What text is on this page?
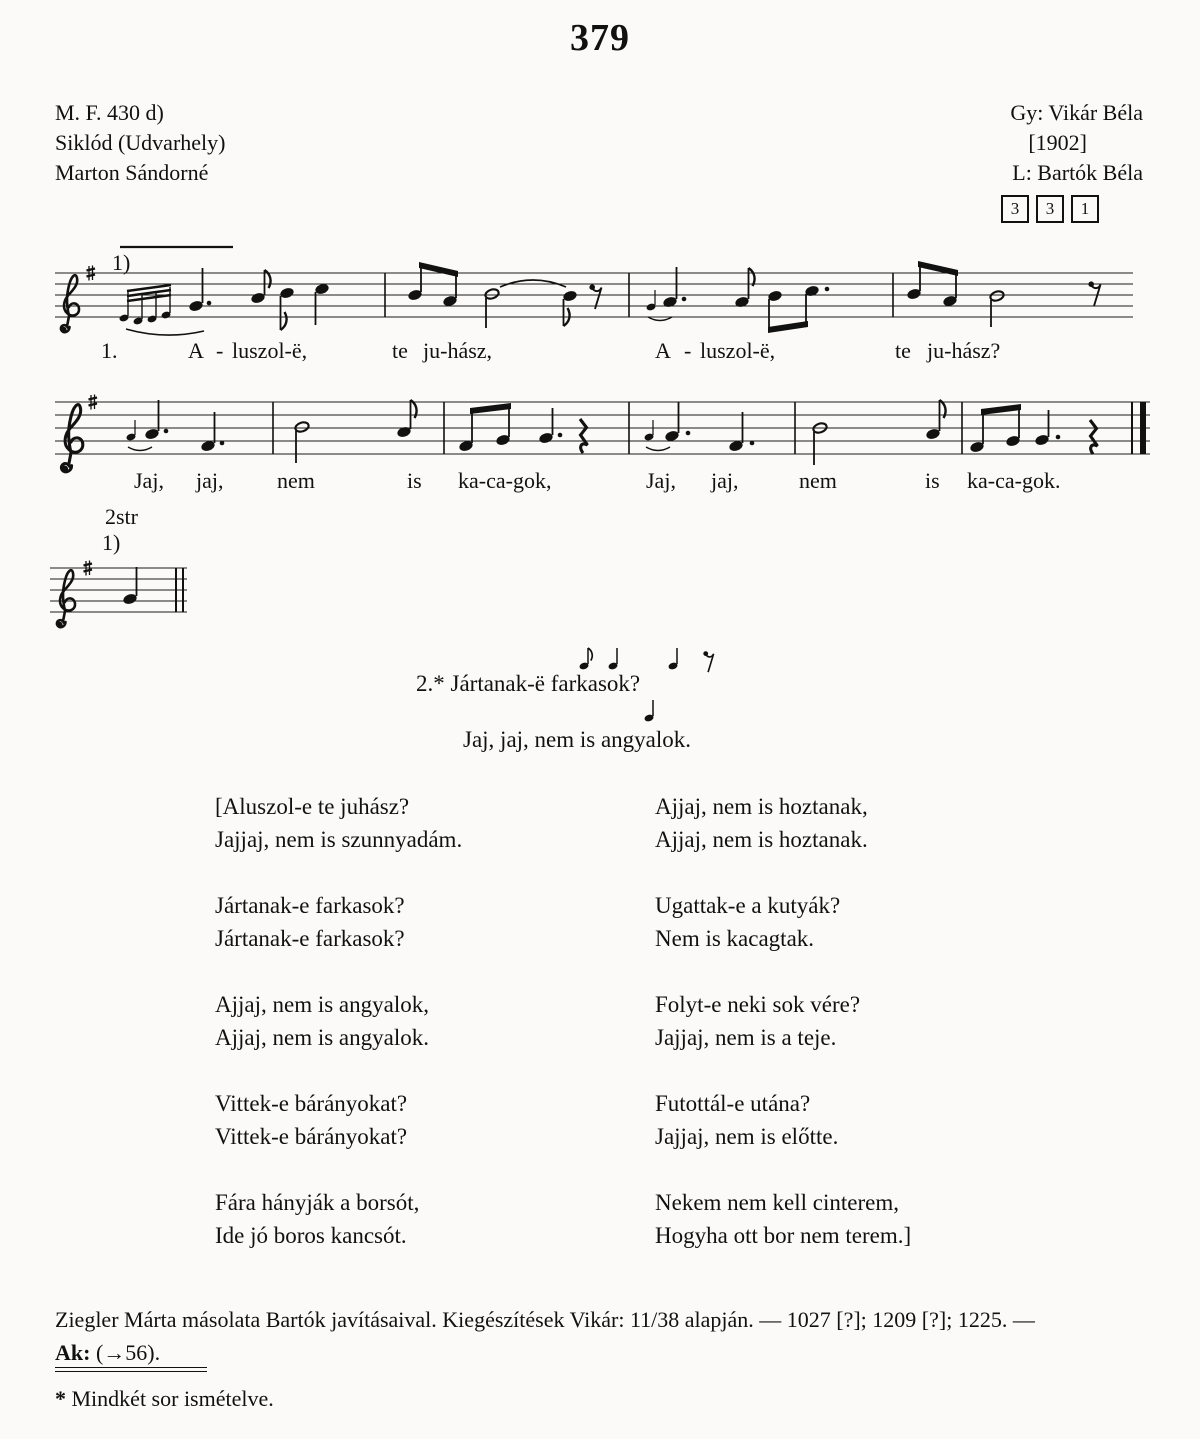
379
M. F. 430 d)
Siklód (Udvarhely)
Marton Sándorné
Gy: Vikár Béla
[1902]
L: Bartók Béla
3 3 1
1)
1.	A - luszol-ë,	te ju-hász,	A - luszol-ë,	te ju-hász?
Jaj, jaj, nem	is ka-ca-gok,	Jaj, jaj,	nem	is ka-ca-gok.
2str
1)
2.* Jártanak-ë farkasok?
Jaj, jaj, nem is angyalok.
[Aluszol-e te juhász?
Jajjaj, nem is szunnyadám.
Jártanak-e farkasok?
Jártanak-e farkasok?
Ajjaj, nem is angyalok,
Ajjaj, nem is angyalok.
Vittek-e bárányokat?
Vittek-e bárányokat?
Fára hányják a borsót,
Ide jó boros kancsót.
Ajjaj, nem is hoztanak,
Ajjaj, nem is hoztanak.
Ugattak-e a kutyák?
Nem is kacagtak.
Folyt-e neki sok vére?
Jajjaj, nem is a teje.
Futottál-e utána?
Jajjaj, nem is előtte.
Nekem nem kell cinterem,
Hogyha ott bor nem terem.]
Ziegler Márta másolata Bartók javításaival. Kiegészítések Vikár: 11/38 alapján. — 1027 [?]; 1209 [?]; 1225. —
Ak: (→56).
* Mindkét sor ismételve.
